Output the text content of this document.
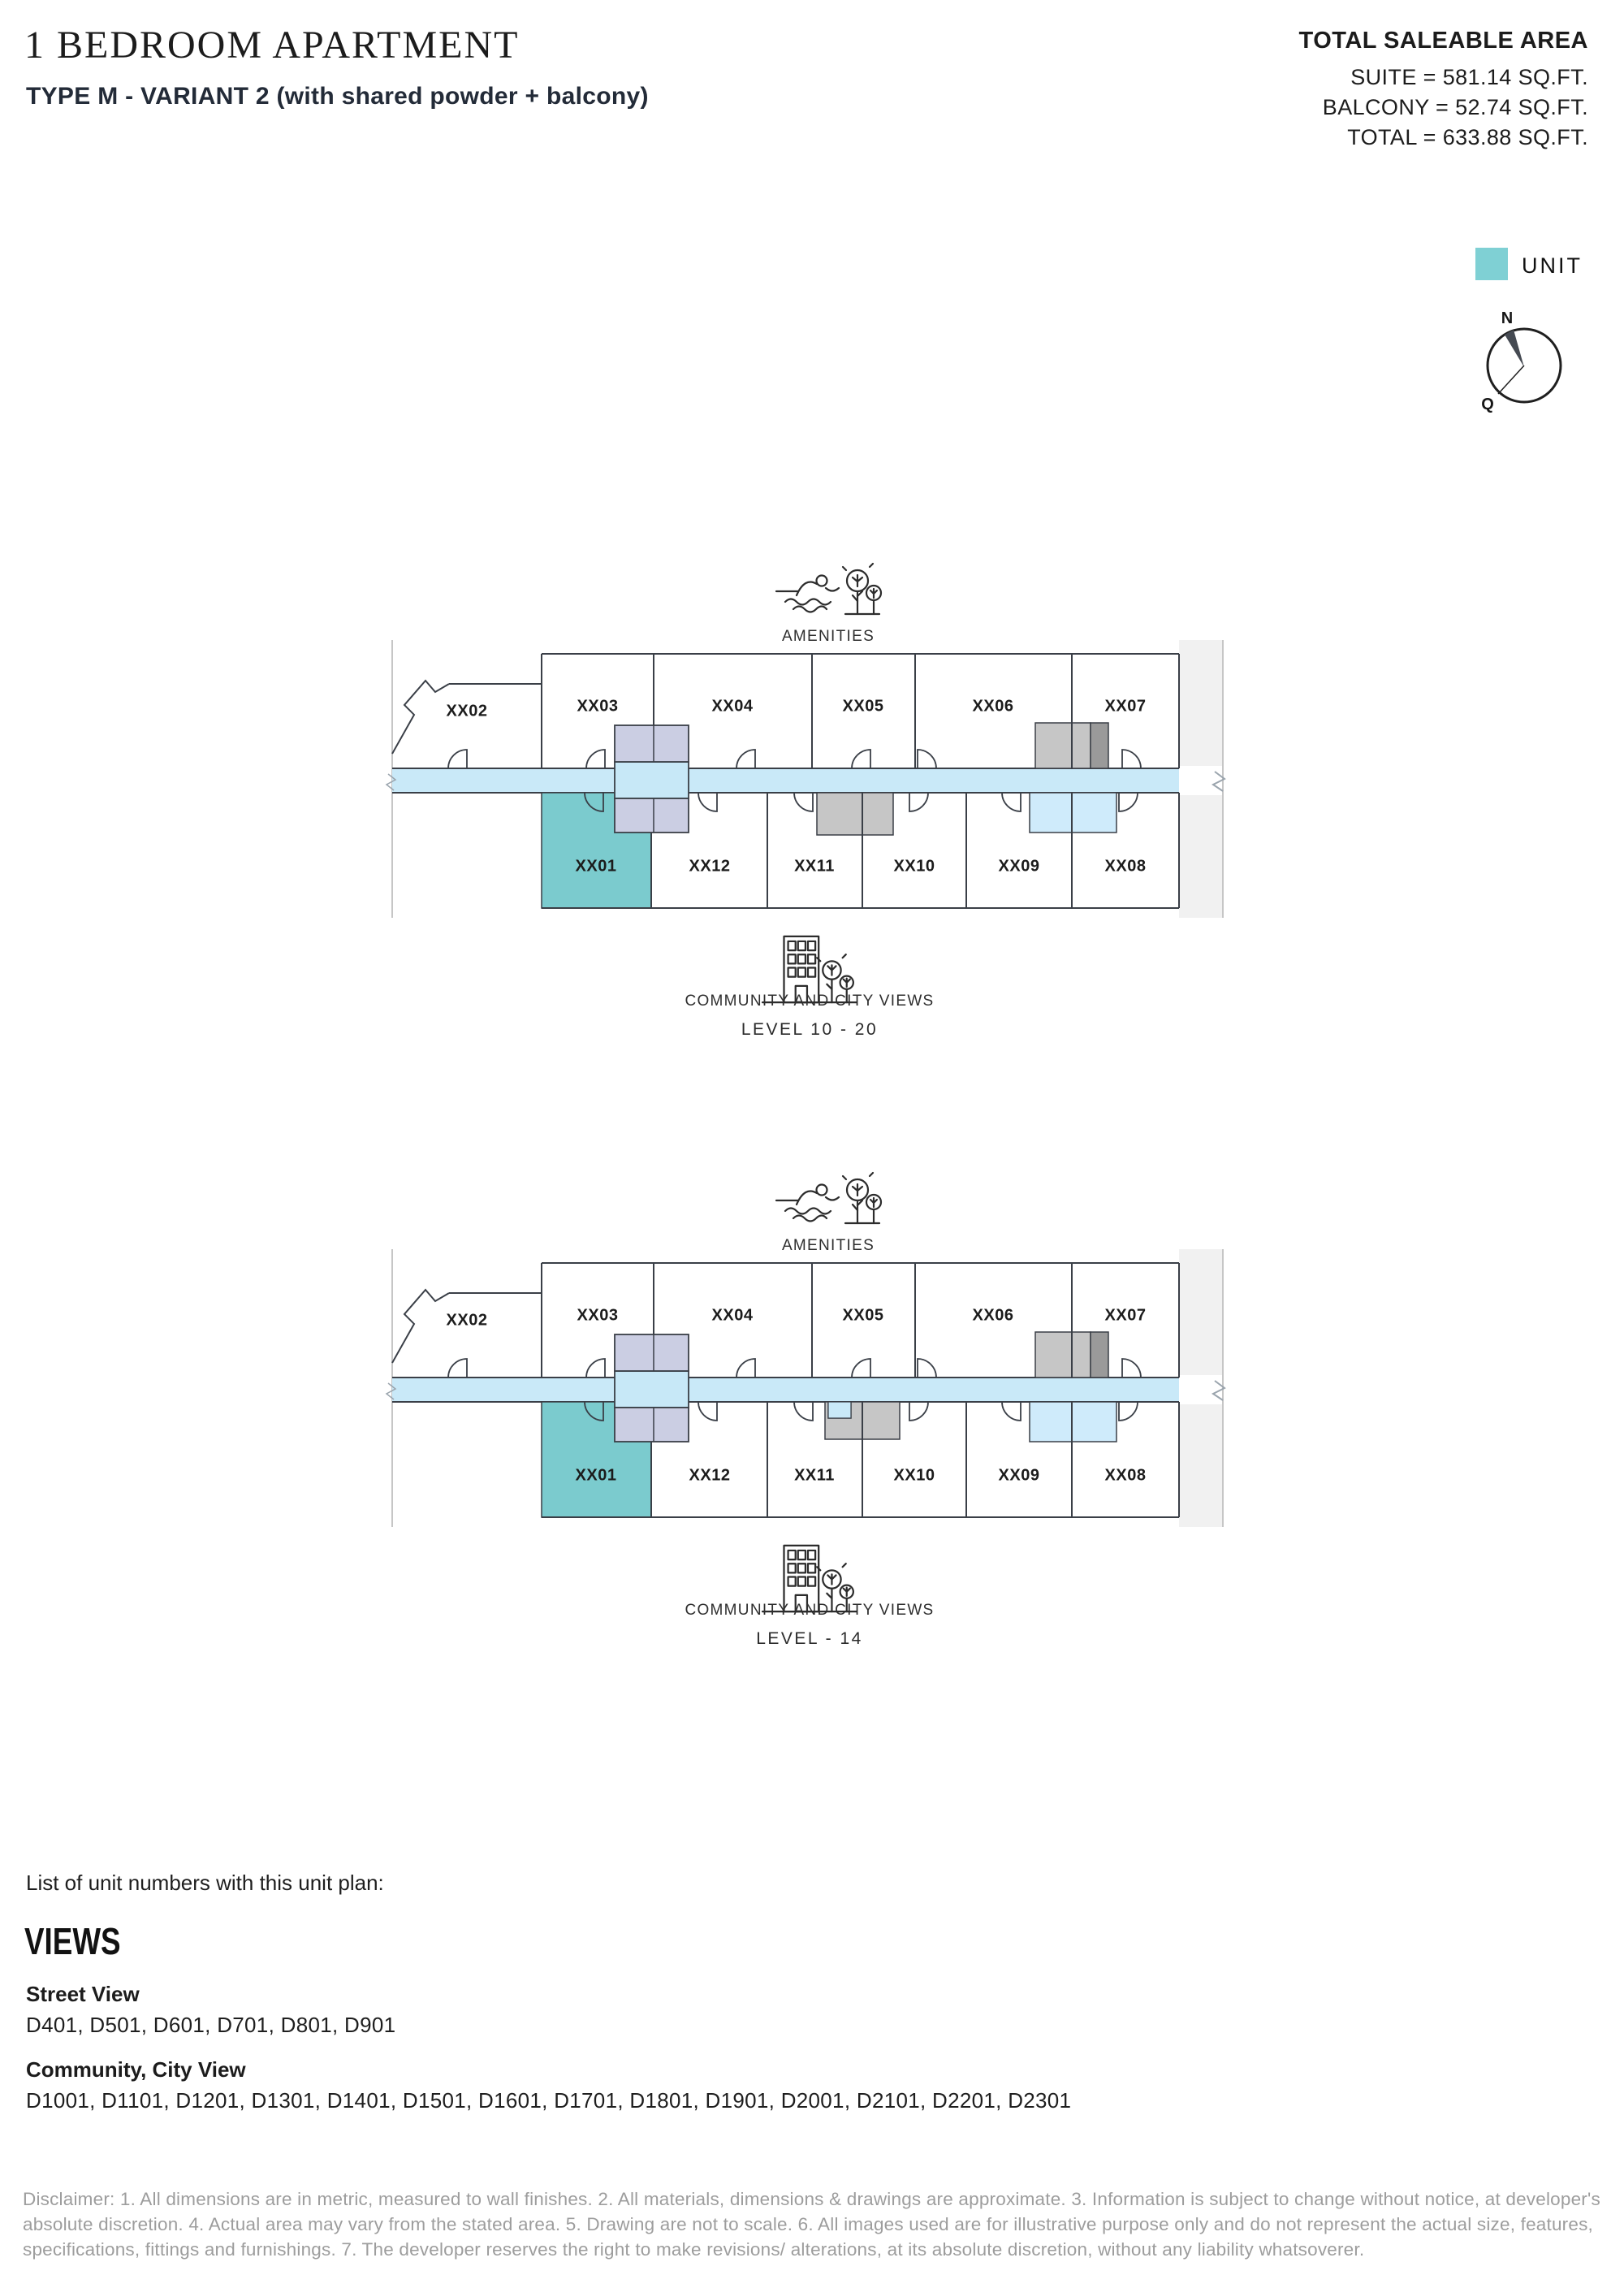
1 BEDROOM APARTMENT
TYPE M - VARIANT 2 (with shared powder + balcony)
TOTAL SALEABLE AREA
SUITE = 581.14 SQ.FT.
BALCONY = 52.74 SQ.FT.
TOTAL = 633.88 SQ.FT.
UNIT
N
Q
AMENITIES
XX02	XX03	XX04	XX05	XX06	XX07
XX01	XX12	XX11	XX10	XX09	XX08
COMMUNITY AND CITY VIEWS
LEVEL 10 - 20
AMENITIES
XX02	XX03	XX04	XX05	XX06	XX07
XX01	XX12	XX11	XX10	XX09	XX08
COMMUNITY AND CITY VIEWS
LEVEL - 14
List of unit numbers with this unit plan:
VIEWS
Street View
D401, D501, D601, D701, D801, D901
Community, City View
D1001, D1101, D1201, D1301, D1401, D1501, D1601, D1701, D1801, D1901, D2001, D2101, D2201, D2301
Disclaimer: 1. All dimensions are in metric, measured to wall finishes. 2. All materials, dimensions & drawings are approximate. 3. Information is subject to change without notice, at developer's absolute discretion. 4. Actual area may vary from the stated area. 5. Drawing are not to scale. 6. All images used are for illustrative purpose only and do not represent the actual size, features, specifications, fittings and furnishings. 7. The developer reserves the right to make revisions/ alterations, at its absolute discretion, without any liability whatsoverer.
